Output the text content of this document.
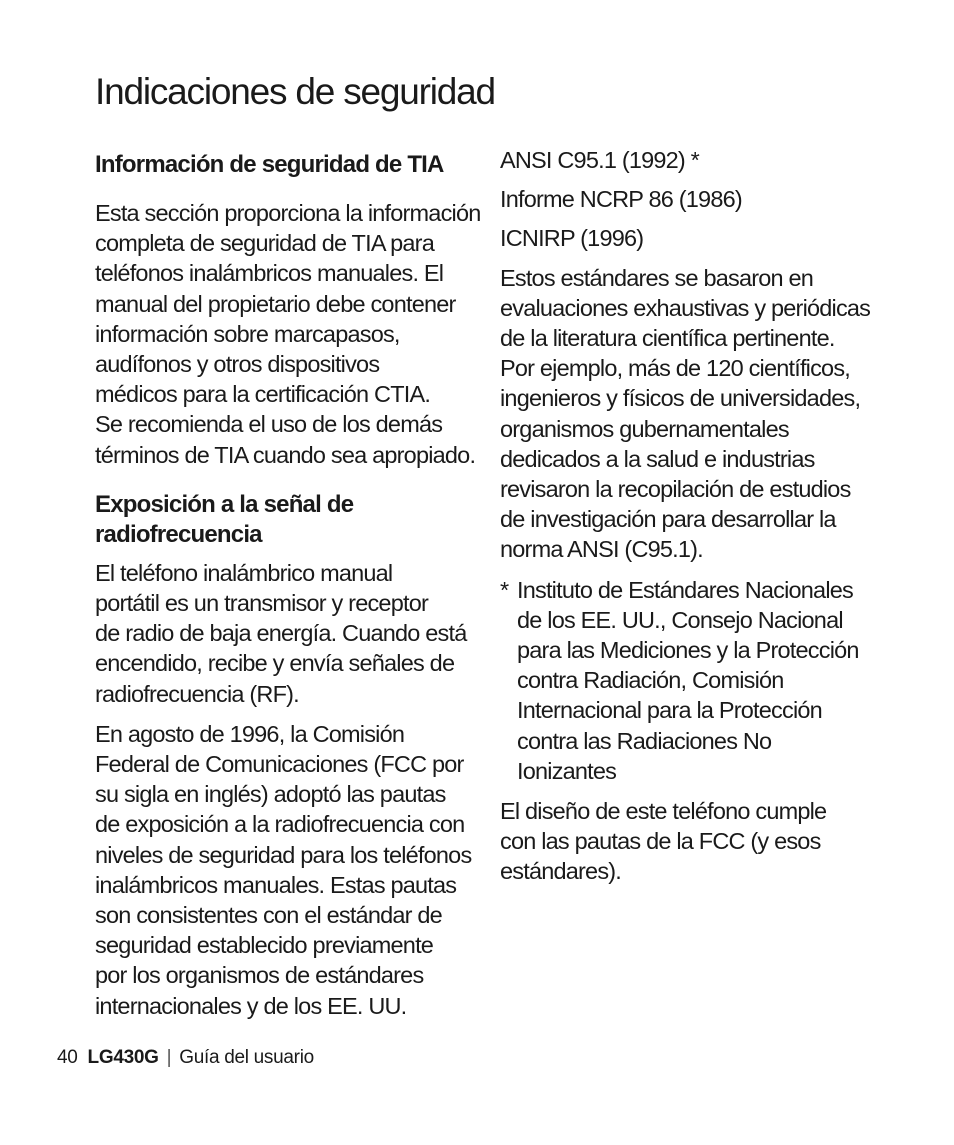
Indicaciones de seguridad
Información de seguridad de TIA

Esta sección proporciona la información
completa de seguridad de TIA para
teléfonos inalámbricos manuales. El
manual del propietario debe contener
información sobre marcapasos,
audífonos y otros dispositivos
médicos para la certificación CTIA.
Se recomienda el uso de los demás
términos de TIA cuando sea apropiado.

Exposición a la señal de
radiofrecuencia

El teléfono inalámbrico manual
portátil es un transmisor y receptor
de radio de baja energía. Cuando está
encendido, recibe y envía señales de
radiofrecuencia (RF).

En agosto de 1996, la Comisión
Federal de Comunicaciones (FCC por
su sigla en inglés) adoptó las pautas
de exposición a la radiofrecuencia con
niveles de seguridad para los teléfonos
inalámbricos manuales. Estas pautas
son consistentes con el estándar de
seguridad establecido previamente
por los organismos de estándares
internacionales y de los EE. UU.

ANSI C95.1 (1992) *

Informe NCRP 86 (1986)

ICNIRP (1996)

Estos estándares se basaron en
evaluaciones exhaustivas y periódicas
de la literatura científica pertinente.
Por ejemplo, más de 120 científicos,
ingenieros y físicos de universidades,
organismos gubernamentales
dedicados a la salud e industrias
revisaron la recopilación de estudios
de investigación para desarrollar la
norma ANSI (C95.1).

* Instituto de Estándares Nacionales
de los EE. UU., Consejo Nacional
para las Mediciones y la Protección
contra Radiación, Comisión
Internacional para la Protección
contra las Radiaciones No
Ionizantes

El diseño de este teléfono cumple
con las pautas de la FCC (y esos
estándares).

40 LG430G | Guía del usuario
